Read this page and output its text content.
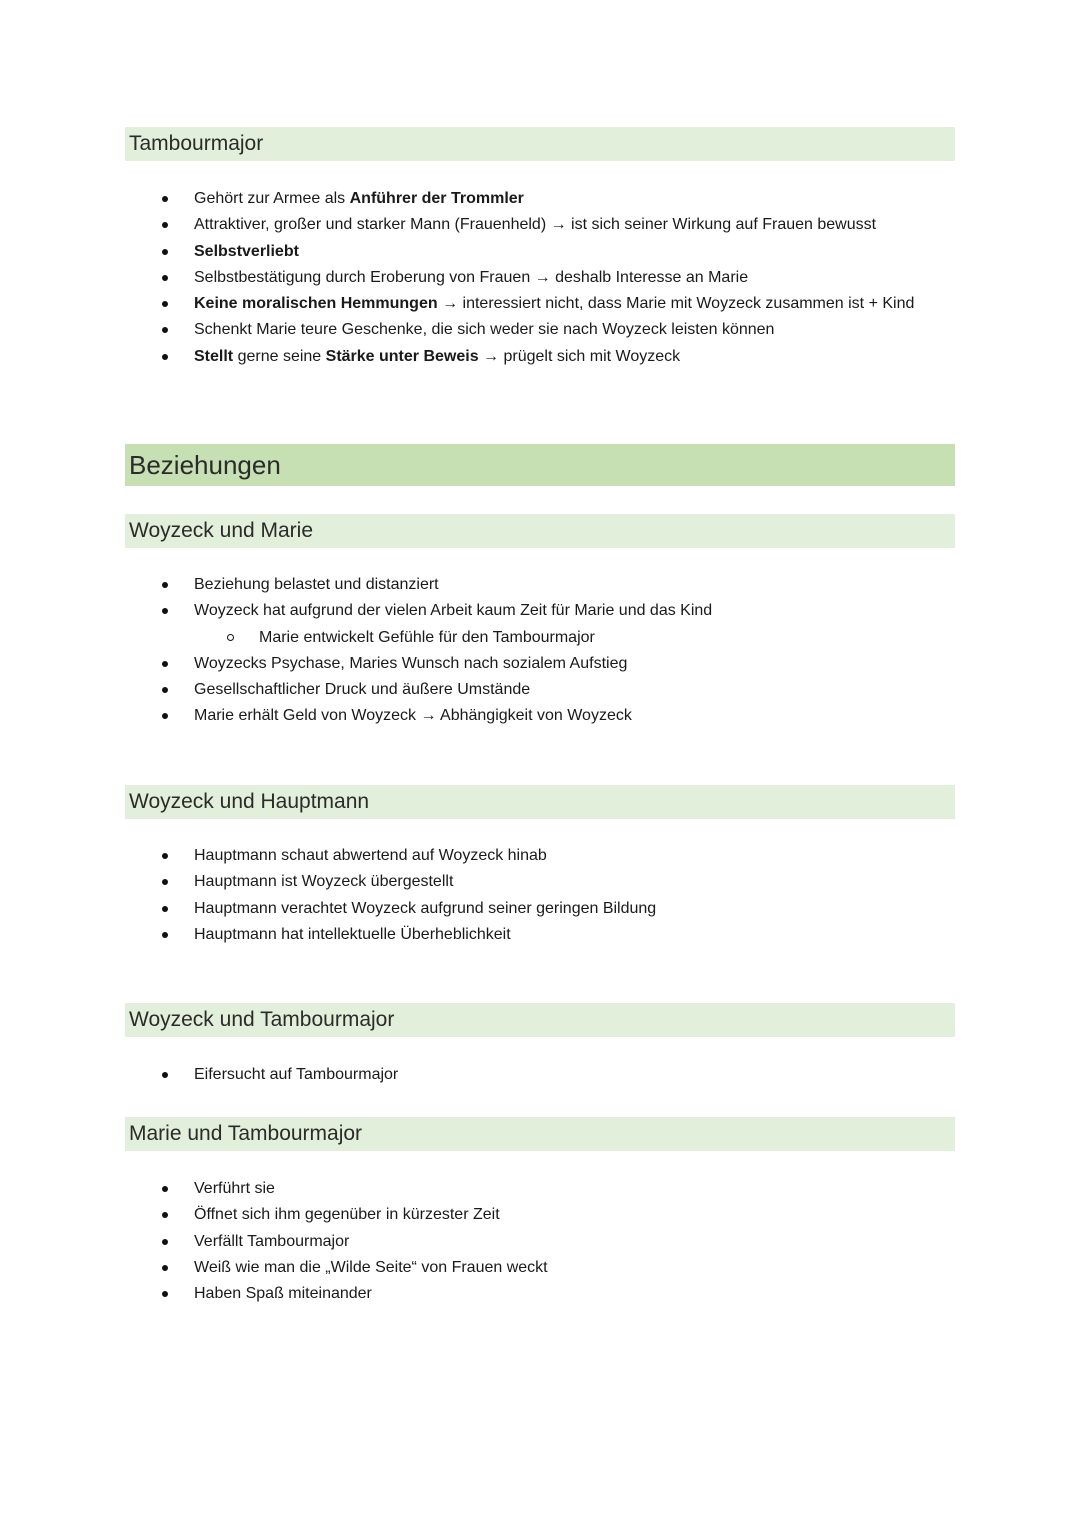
Tambourmajor
Gehört zur Armee als Anführer der Trommler
Attraktiver, großer und starker Mann (Frauenheld) → ist sich seiner Wirkung auf Frauen bewusst
Selbstverliebt
Selbstbestätigung durch Eroberung von Frauen → deshalb Interesse an Marie
Keine moralischen Hemmungen → interessiert nicht, dass Marie mit Woyzeck zusammen ist + Kind
Schenkt Marie teure Geschenke, die sich weder sie nach Woyzeck leisten können
Stellt gerne seine Stärke unter Beweis → prügelt sich mit Woyzeck
Beziehungen
Woyzeck und Marie
Beziehung belastet und distanziert
Woyzeck hat aufgrund der vielen Arbeit kaum Zeit für Marie und das Kind
Marie entwickelt Gefühle für den Tambourmajor
Woyzecks Psychase, Maries Wunsch nach sozialem Aufstieg
Gesellschaftlicher Druck und äußere Umstände
Marie erhält Geld von Woyzeck → Abhängigkeit von Woyzeck
Woyzeck und Hauptmann
Hauptmann schaut abwertend auf Woyzeck hinab
Hauptmann ist Woyzeck übergestellt
Hauptmann verachtet Woyzeck aufgrund seiner geringen Bildung
Hauptmann hat intellektuelle Überheblichkeit
Woyzeck und Tambourmajor
Eifersucht auf Tambourmajor
Marie und Tambourmajor
Verführt sie
Öffnet sich ihm gegenüber in kürzester Zeit
Verfällt Tambourmajor
Weiß wie man die „Wilde Seite“ von Frauen weckt
Haben Spaß miteinander
